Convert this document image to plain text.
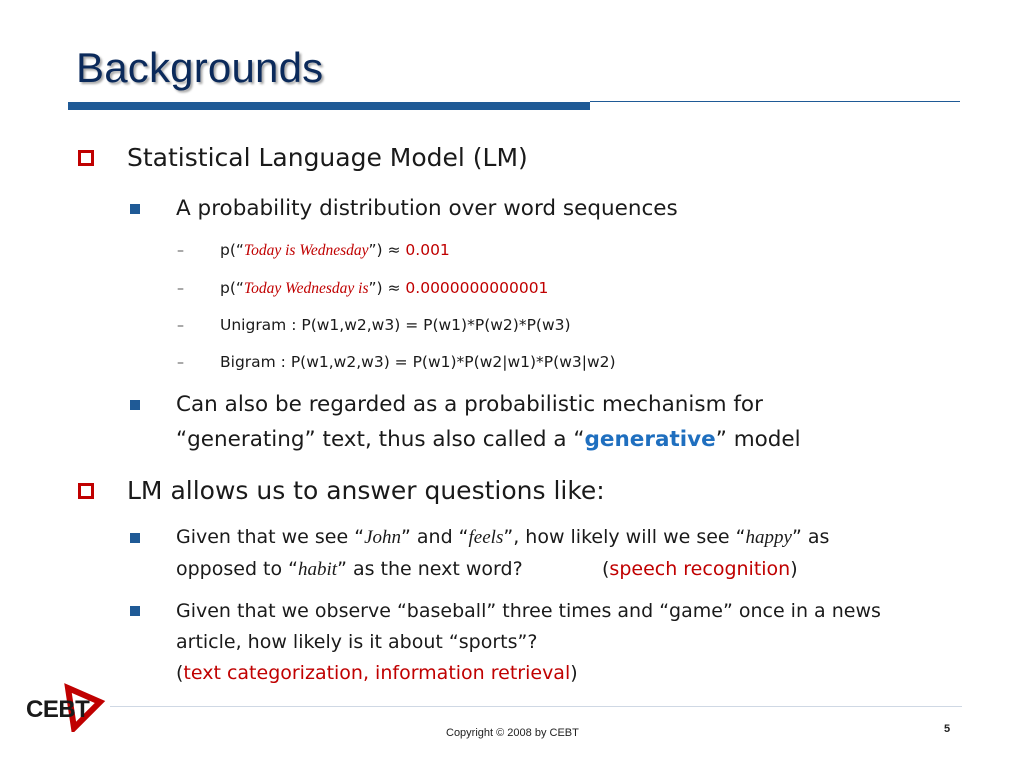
Backgrounds
Statistical Language Model (LM)
A probability distribution over word sequences
– p(“Today is Wednesday”) ≈ 0.001
– p(“Today Wednesday is”) ≈ 0.0000000000001
– Unigram : P(w1,w2,w3) = P(w1)*P(w2)*P(w3)
– Bigram : P(w1,w2,w3) = P(w1)*P(w2|w1)*P(w3|w2)
Can also be regarded as a probabilistic mechanism for
“generating” text, thus also called a “generative” model
LM allows us to answer questions like:
Given that we see “John” and “feels”, how likely will we see “happy” as
opposed to “habit” as the next word?	(speech recognition)
Given that we observe “baseball” three times and “game” once in a news
article, how likely is it about “sports”?
(text categorization, information retrieval)
CEBT
Copyright © 2008 by CEBT	5
